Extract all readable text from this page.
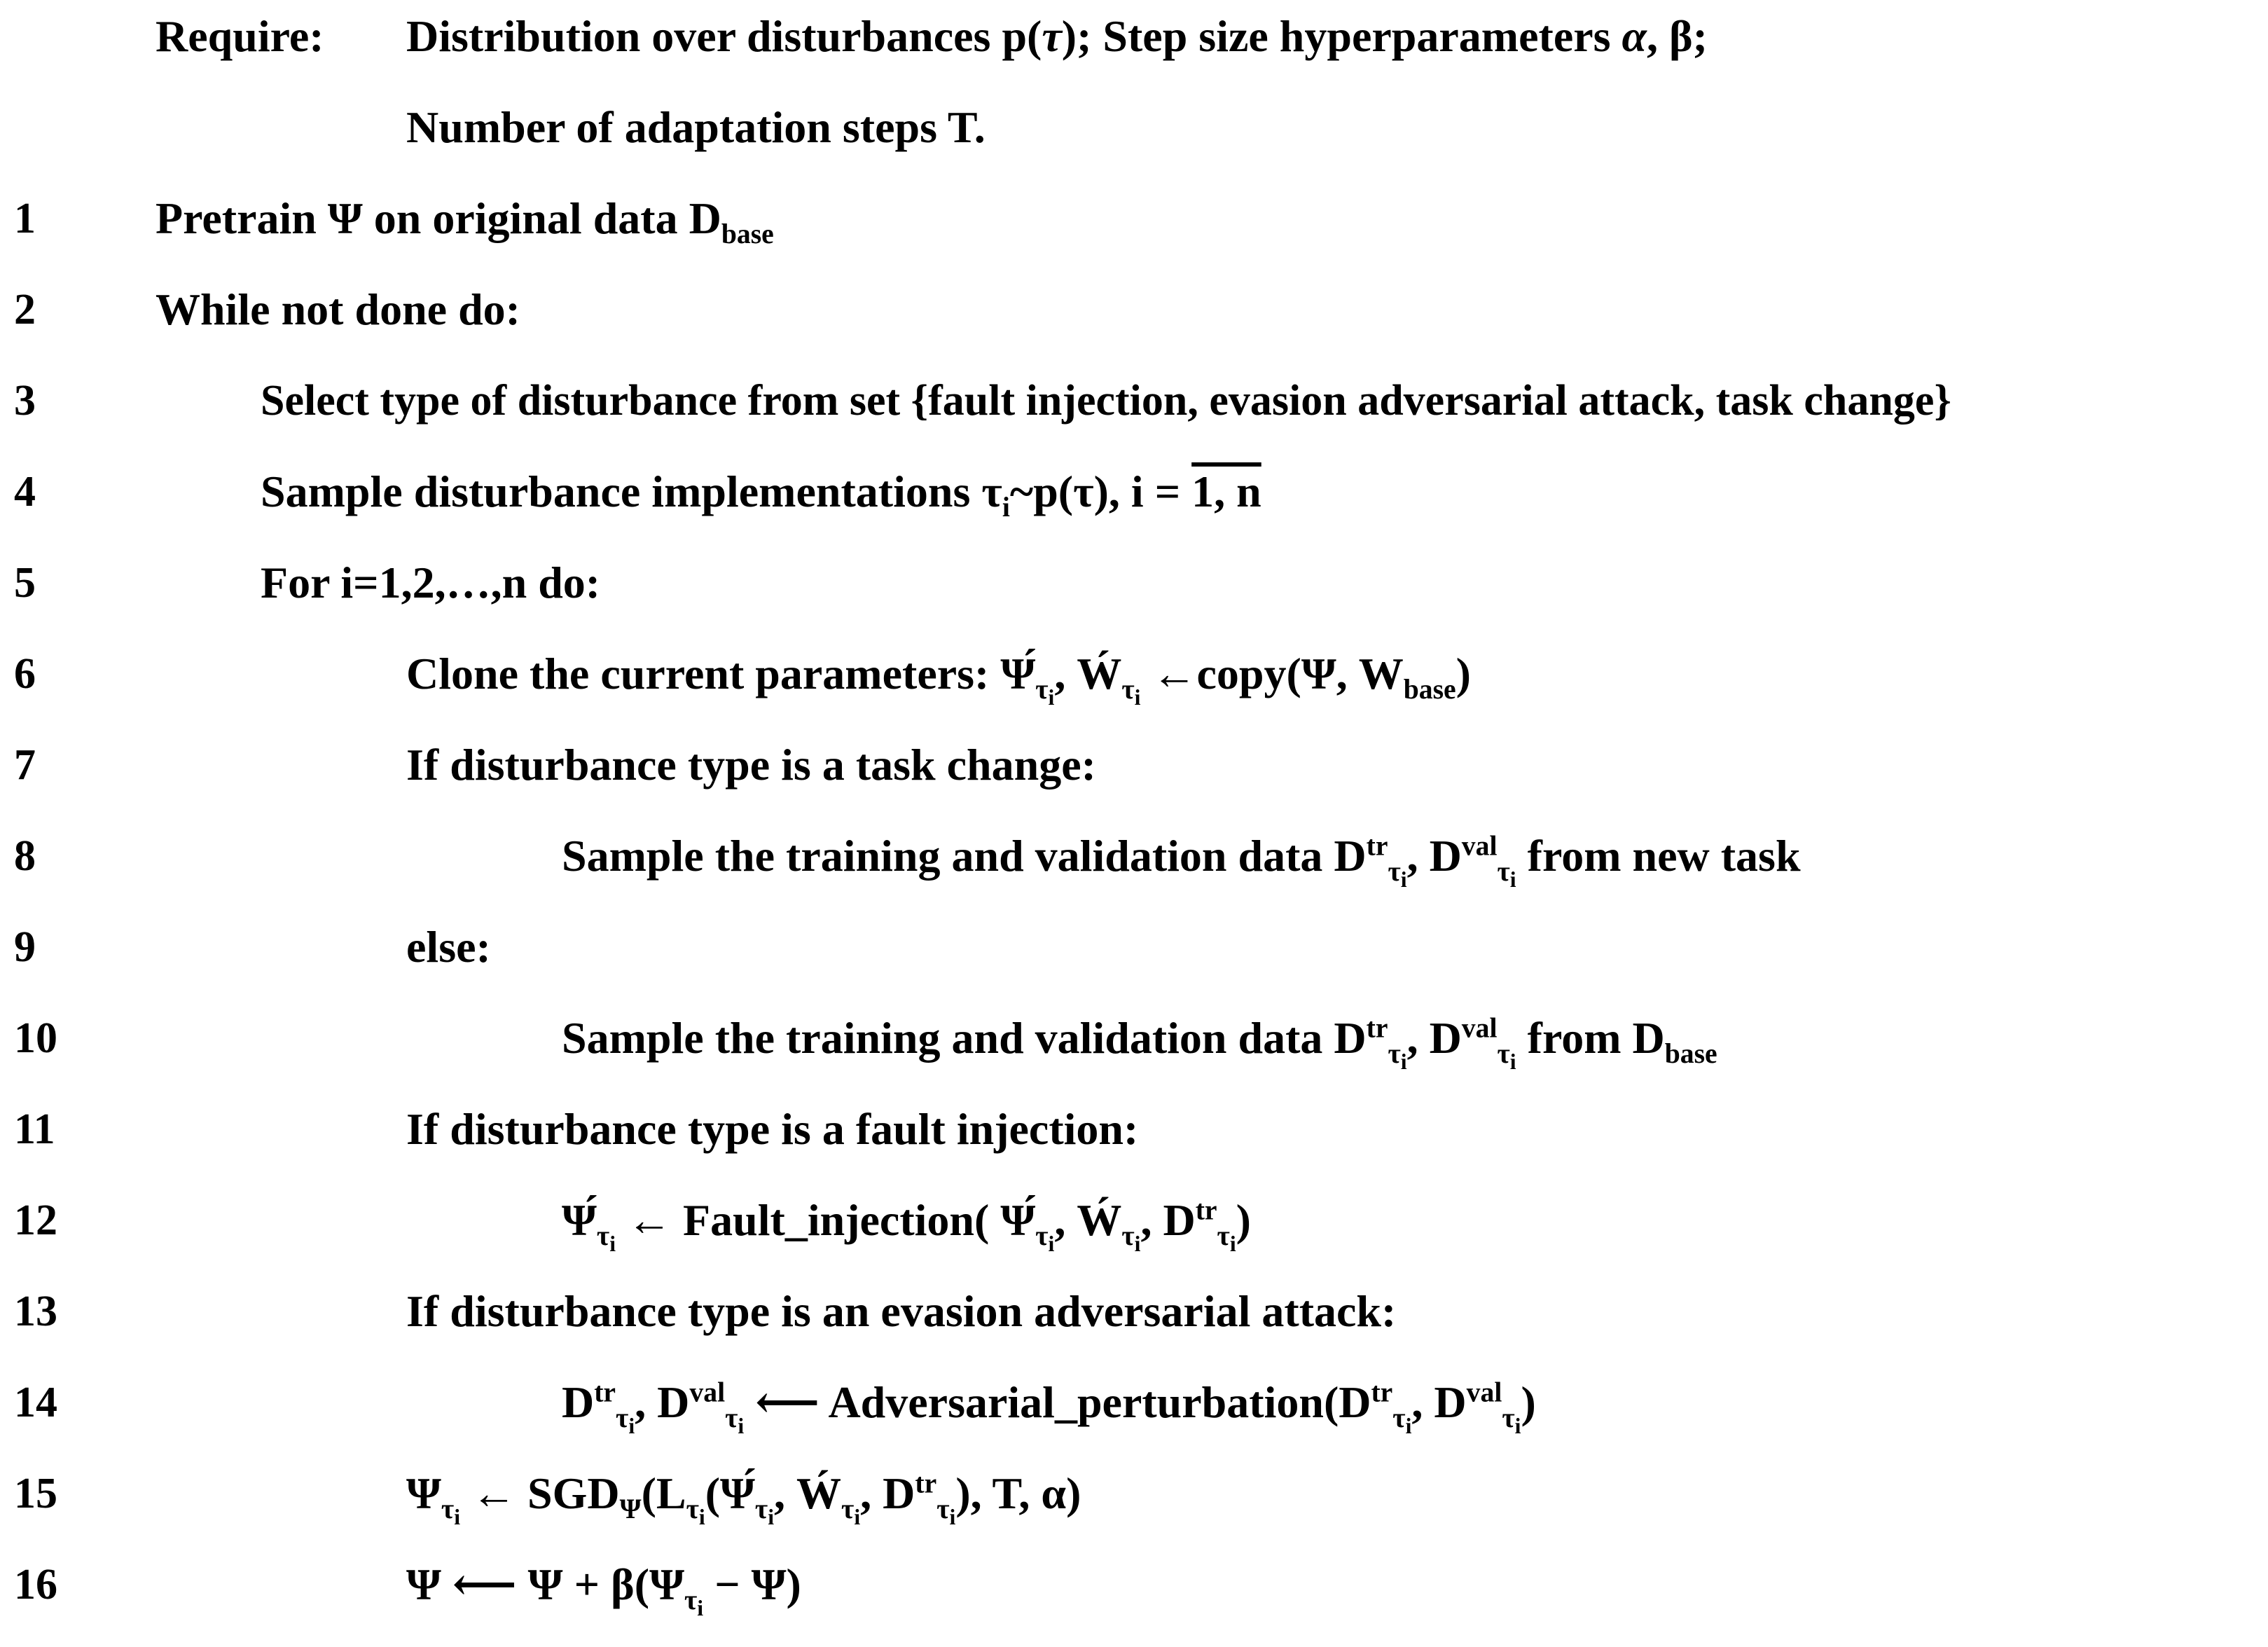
Require: Distribution over disturbances p(τ); Step size hyperparameters α, β;
Number of adaptation steps T.
1	Pretrain Ψ on original data $D_{base}$
2	While not done do:
3	Select type of disturbance from set {fault injection, evasion adversarial attack, task change}
4	Sample disturbance implementations $\tau_i\sim p(\tau)$, i = 1, n
5	For i=1,2,…,n do:
6	Clone the current parameters: $\Psí_{\tau_i}$, Ẃ$_{\tau_i}$ ←copy(Ψ, $W_{base}$)
7	If disturbance type is a task change:
8	Sample the training and validation data $D^{tr}_{\tau_i}$, $D^{val}_{\tau_i}$ from new task
9	else:
10	Sample the training and validation data $D^{tr}_{\tau_i}$, $D^{val}_{\tau_i}$ from $D_{base}$
11	If disturbance type is a fault injection:
12	$\Psí_{\tau_i}$ ← Fault_injection( $\Psí_{\tau_i}$, Ẃ$_{\tau_i}$, $D^{tr}_{\tau_i}$)
13	If disturbance type is an evasion adversarial attack:
14	$D^{tr}_{\tau_i}$, $D^{val}_{\tau_i}$ ⟵ $Adversarial\_perturbation(D^{tr}_{\tau_i}$, $D^{val}_{\tau_i}$)
15	$\Psi_{\tau_i}$ ← $SGD_\Psi(L_{\tau_i}(\Psí_{\tau_i}$, Ẃ$_{\tau_i}$, $D^{tr}_{\tau_i}$), T, α)
16	Ψ ⟵ $\Psi + \beta(\Psi_{\tau_i} - \Psi)$
